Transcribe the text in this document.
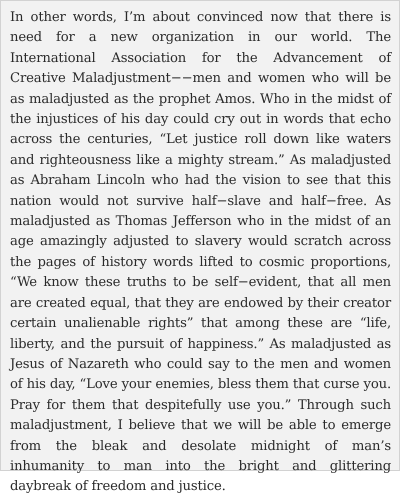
In other words, I’m about convinced now that there is need for a new organization in our world. The International Association for the Advancement of Creative Maladjustment−−men and women who will be as maladjusted as the prophet Amos. Who in the midst of the injustices of his day could cry out in words that echo across the centuries, “Let justice roll down like waters and righteousness like a mighty stream.” As maladjusted as Abraham Lincoln who had the vision to see that this nation would not survive half−slave and half−free. As maladjusted as Thomas Jefferson who in the midst of an age amazingly adjusted to slavery would scratch across the pages of history words lifted to cosmic proportions, “We know these truths to be self−evident, that all men are created equal, that they are endowed by their creator certain unalienable rights” that among these are “life, liberty, and the pursuit of happiness.” As maladjusted as Jesus of Nazareth who could say to the men and women of his day, “Love your enemies, bless them that curse you. Pray for them that despitefully use you.” Through such maladjustment, I believe that we will be able to emerge from the bleak and desolate midnight of man’s inhumanity to man into the bright and glittering daybreak of freedom and justice.
